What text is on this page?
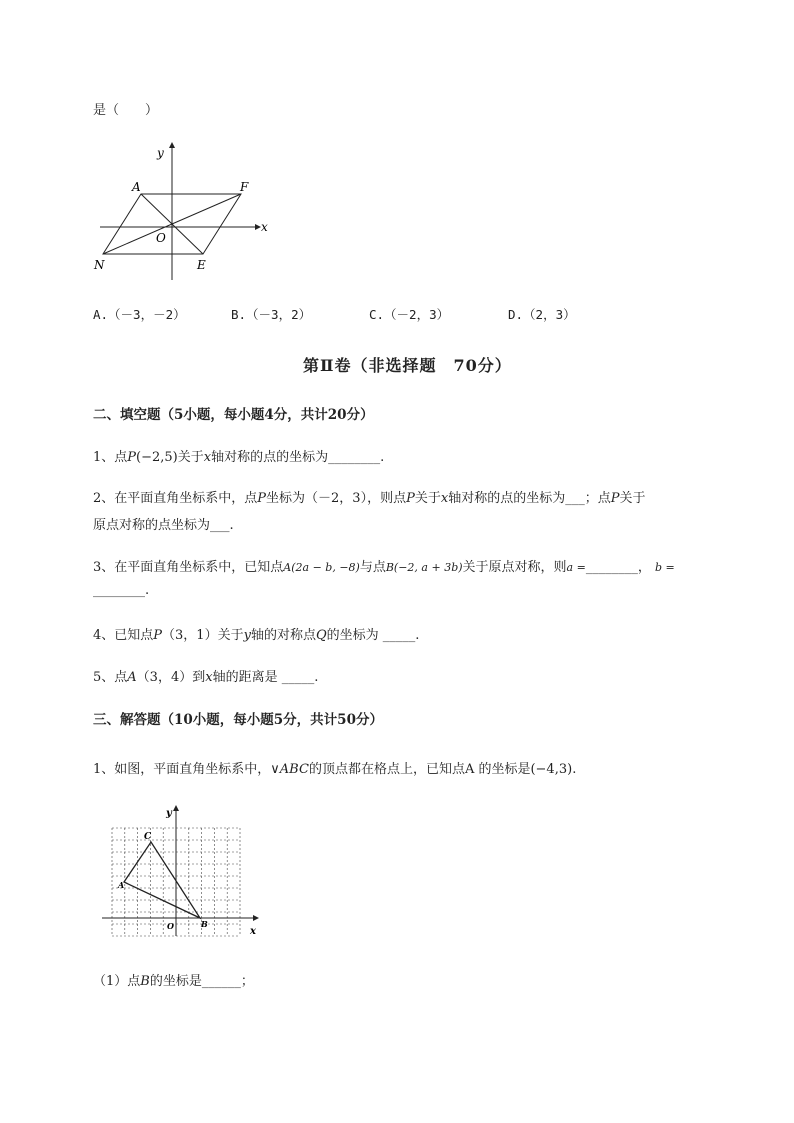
是（　　）
y
x
A	F
O
N	E
A.（－3，－2）	B.（－3，2）	C.（－2，3）	D.（2，3）
第Ⅱ卷（非选择题　70分）
二、填空题（5小题，每小题4分，共计20分）
1、点P(−2,5)关于x轴对称的点的坐标为________.
2、在平面直角坐标系中，点P坐标为（－2，3），则点P关于x轴对称的点的坐标为___；点P关于
原点对称的点坐标为___.
3、在平面直角坐标系中，已知点A(2a − b, −8)与点B(−2, a + 3b)关于原点对称，则a =________， b =
________.
4、已知点P（3，1）关于y轴的对称点Q的坐标为 _____.
5、点A（3，4）到x轴的距离是 _____.
三、解答题（10小题，每小题5分，共计50分）
1、如图，平面直角坐标系中，∨ABC的顶点都在格点上，已知点A 的坐标是(−4,3).
y
x
C
A
O	B
（1）点B的坐标是______；
